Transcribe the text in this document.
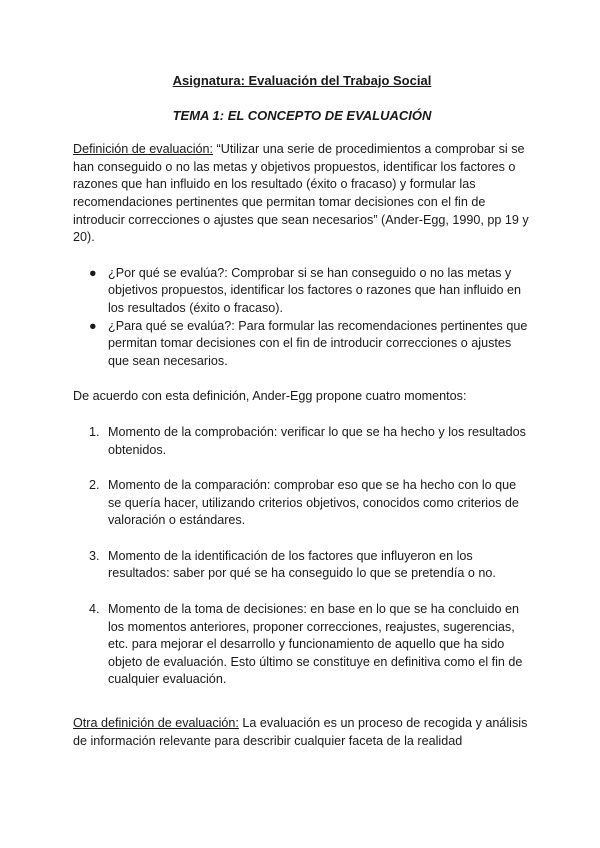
Asignatura: Evaluación del Trabajo Social

TEMA 1: EL CONCEPTO DE EVALUACIÓN

Definición de evaluación: “Utilizar una serie de procedimientos a comprobar si se han conseguido o no las metas y objetivos propuestos, identificar los factores o razones que han influido en los resultado (éxito o fracaso) y formular las recomendaciones pertinentes que permitan tomar decisiones con el fin de introducir correcciones o ajustes que sean necesarios” (Ander-Egg, 1990, pp 19 y 20).

● ¿Por qué se evalúa?: Comprobar si se han conseguido o no las metas y objetivos propuestos, identificar los factores o razones que han influido en los resultados (éxito o fracaso).
● ¿Para qué se evalúa?: Para formular las recomendaciones pertinentes que permitan tomar decisiones con el fin de introducir correcciones o ajustes que sean necesarios.

De acuerdo con esta definición, Ander-Egg propone cuatro momentos:

1. Momento de la comprobación: verificar lo que se ha hecho y los resultados obtenidos.
2. Momento de la comparación: comprobar eso que se ha hecho con lo que se quería hacer, utilizando criterios objetivos, conocidos como criterios de valoración o estándares.
3. Momento de la identificación de los factores que influyeron en los resultados: saber por qué se ha conseguido lo que se pretendía o no.
4. Momento de la toma de decisiones: en base en lo que se ha concluido en los momentos anteriores, proponer correcciones, reajustes, sugerencias, etc. para mejorar el desarrollo y funcionamiento de aquello que ha sido objeto de evaluación. Esto último se constituye en definitiva como el fin de cualquier evaluación.

Otra definición de evaluación: La evaluación es un proceso de recogida y análisis de información relevante para describir cualquier faceta de la realidad
